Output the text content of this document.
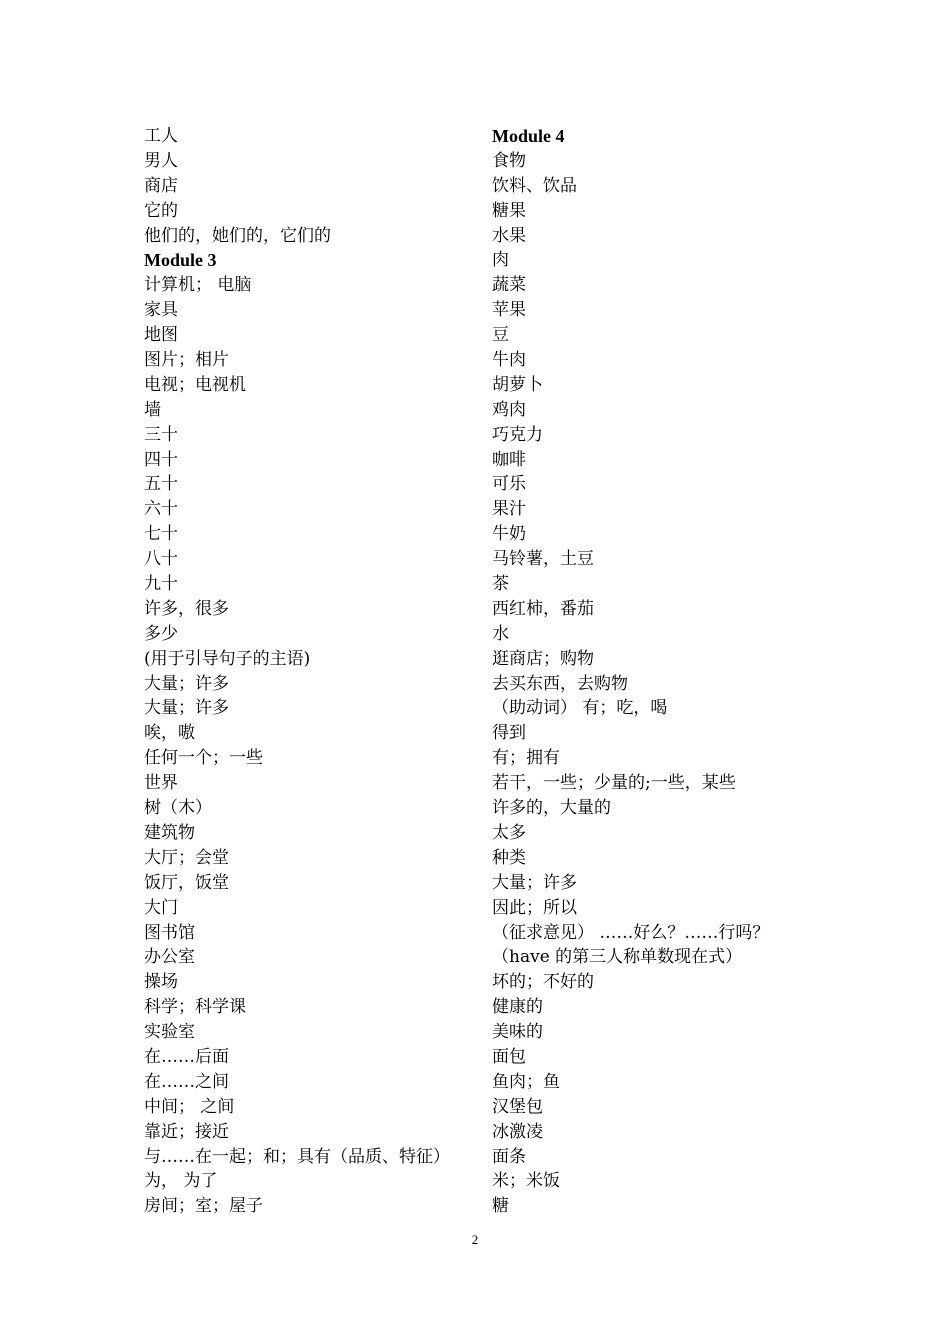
工人
男人
商店
它的
他们的，她们的，它们的
Module 3
计算机； 电脑
家具
地图
图片；相片
电视；电视机
墙
三十
四十
五十
六十
七十
八十
九十
许多，很多
多少
(用于引导句子的主语)
大量；许多
大量；许多
唉，嗷
任何一个；一些
世界
树（木）
建筑物
大厅；会堂
饭厅，饭堂
大门
图书馆
办公室
操场
科学；科学课
实验室
在……后面
在……之间
中间； 之间
靠近；接近
与……在一起；和；具有（品质、特征）
为， 为了
房间；室；屋子
Module 4
食物
饮料、饮品
糖果
水果
肉
蔬菜
苹果
豆
牛肉
胡萝卜
鸡肉
巧克力
咖啡
可乐
果汁
牛奶
马铃薯，土豆
茶
西红柿，番茄
水
逛商店；购物
去买东西，去购物
（助动词） 有；吃，喝
得到
有；拥有
若干，一些；少量的;一些，某些
许多的，大量的
太多
种类
大量；许多
因此；所以
（征求意见） ……好么？……行吗？
（have 的第三人称单数现在式）
坏的；不好的
健康的
美味的
面包
鱼肉；鱼
汉堡包
冰激凌
面条
米；米饭
糖
2
